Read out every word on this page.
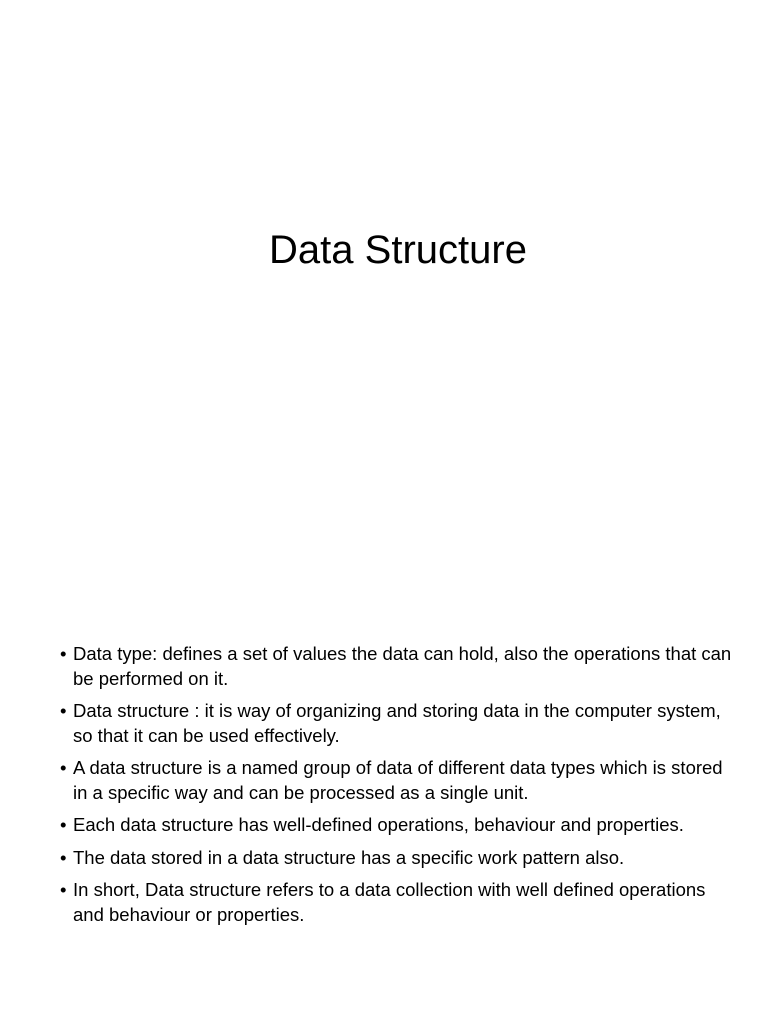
Data Structure
• Data type: defines a set of values the data can hold, also the operations that can be performed on it.
• Data structure : it is way of organizing and storing data in the computer system, so that it can be used effectively.
• A data structure is a named group of data of different data types which is stored in a specific way and can be processed as a single unit.
• Each data structure has well-defined operations, behaviour and properties.
• The data stored in a data structure has a specific work pattern also.
• In short, Data structure refers to a data collection with well defined operations and behaviour or properties.
